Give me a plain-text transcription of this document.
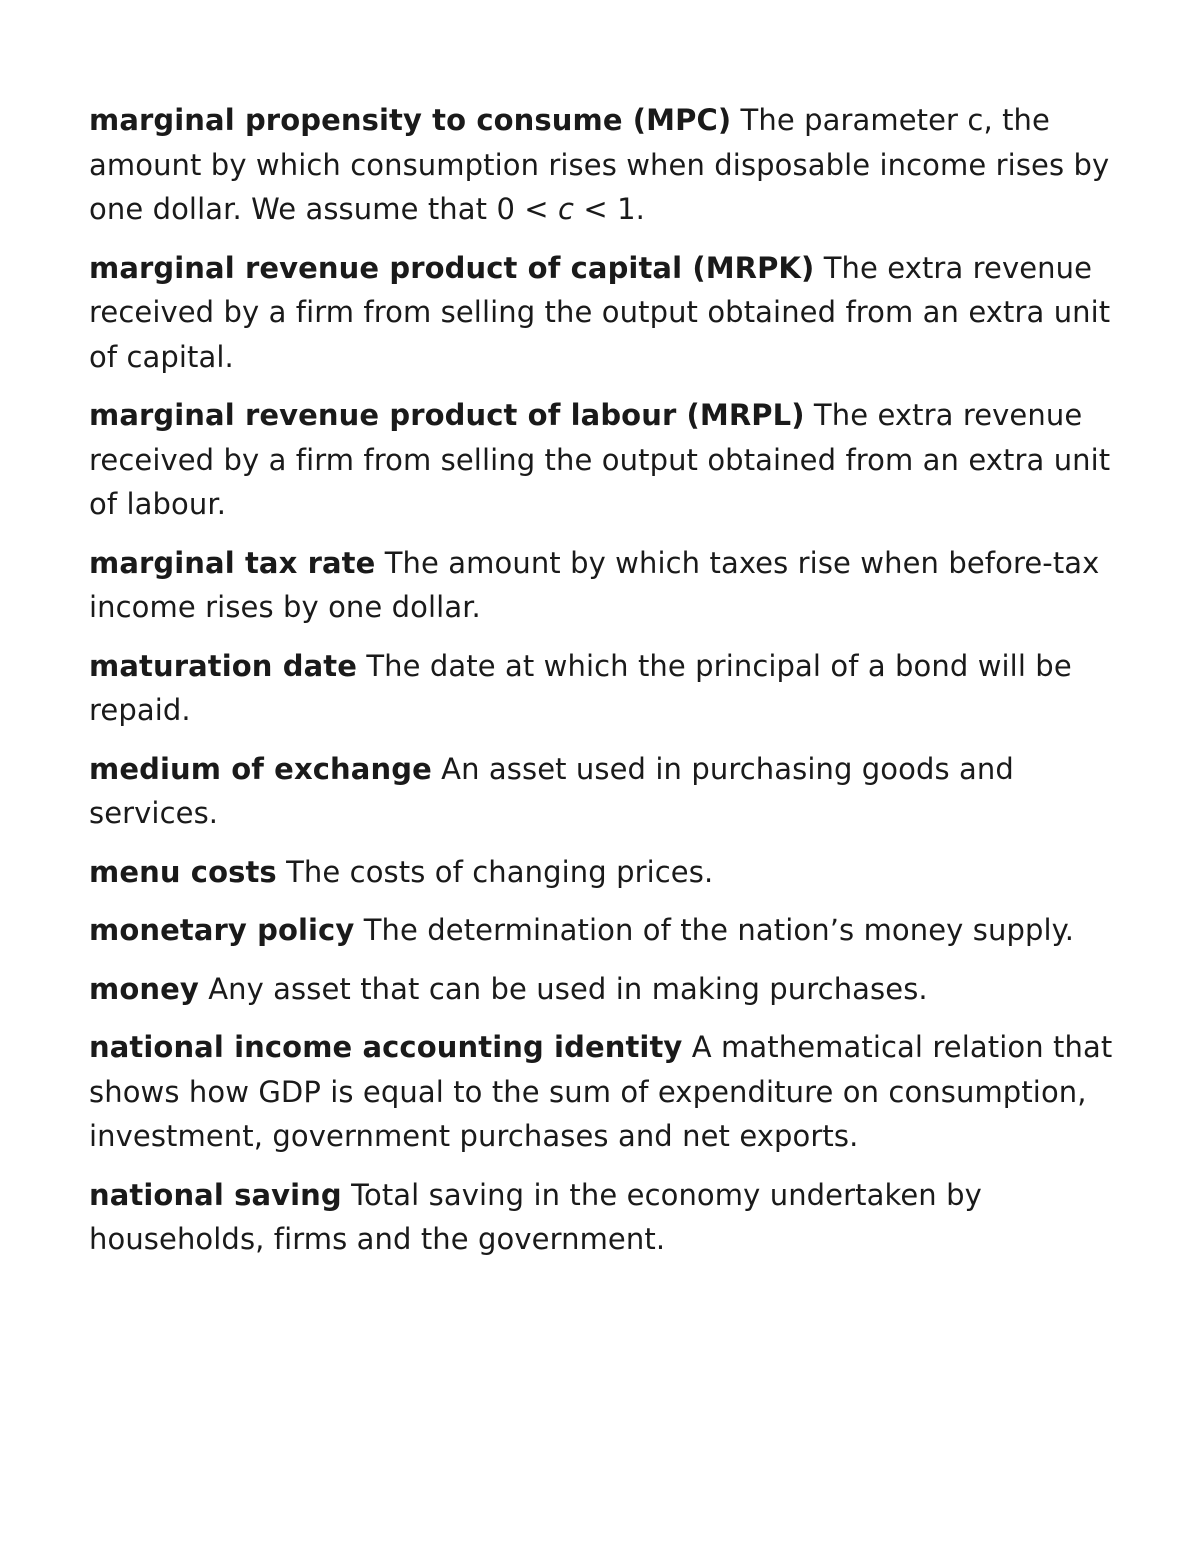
marginal propensity to consume (MPC) The parameter c, the amount by which consumption rises when disposable income rises by one dollar. We assume that 0 < c < 1.

marginal revenue product of capital (MRPK) The extra revenue received by a firm from selling the output obtained from an extra unit of capital.

marginal revenue product of labour (MRPL) The extra revenue received by a firm from selling the output obtained from an extra unit of labour.

marginal tax rate The amount by which taxes rise when before-tax income rises by one dollar.

maturation date The date at which the principal of a bond will be repaid.

medium of exchange An asset used in purchasing goods and services.

menu costs The costs of changing prices.

monetary policy The determination of the nation’s money supply.

money Any asset that can be used in making purchases.

national income accounting identity A mathematical relation that shows how GDP is equal to the sum of expenditure on consumption, investment, government purchases and net exports.

national saving Total saving in the economy undertaken by households, firms and the government.
